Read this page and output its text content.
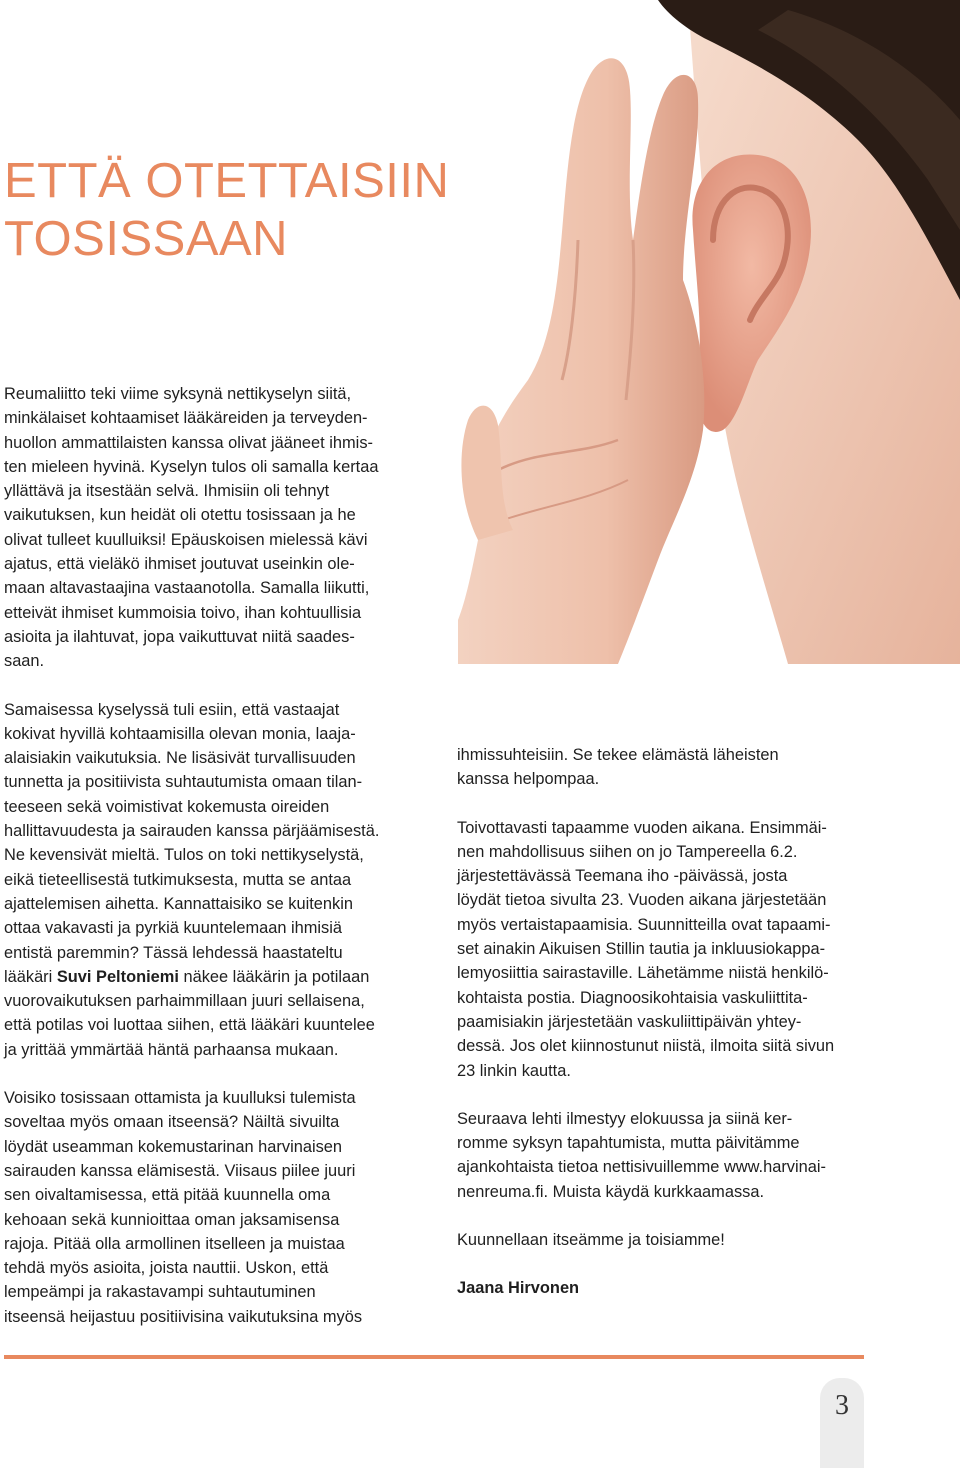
ETTÄ OTETTAISIIN
TOSISSAAN

Reumaliitto teki viime syksynä nettikyselyn siitä,
minkälaiset kohtaamiset lääkäreiden ja terveyden-
huollon ammattilaisten kanssa olivat jääneet ihmis-
ten mieleen hyvinä. Kyselyn tulos oli samalla kertaa
yllättävä ja itsestään selvä. Ihmisiin oli tehnyt
vaikutuksen, kun heidät oli otettu tosissaan ja he
olivat tulleet kuulluiksi! Epäuskoisen mielessä kävi
ajatus, että vieläkö ihmiset joutuvat useinkin ole-
maan altavastaajina vastaanotolla. Samalla liikutti,
etteivät ihmiset kummoisia toivo, ihan kohtuullisia
asioita ja ilahtuvat, jopa vaikuttuvat niitä saades-
saan.

Samaisessa kyselyssä tuli esiin, että vastaajat
kokivat hyvillä kohtaamisilla olevan monia, laaja-
alaisiakin vaikutuksia. Ne lisäsivät turvallisuuden
tunnetta ja positiivista suhtautumista omaan tilan-
teeseen sekä voimistivat kokemusta oireiden
hallittavuudesta ja sairauden kanssa pärjäämisestä.
Ne kevensivät mieltä. Tulos on toki nettikyselystä,
eikä tieteellisestä tutkimuksesta, mutta se antaa
ajattelemisen aihetta. Kannattaisiko se kuitenkin
ottaa vakavasti ja pyrkiä kuuntelemaan ihmisiä
entistä paremmin? Tässä lehdessä haastateltu
lääkäri Suvi Peltoniemi näkee lääkärin ja potilaan
vuorovaikutuksen parhaimmillaan juuri sellaisena,
että potilas voi luottaa siihen, että lääkäri kuuntelee
ja yrittää ymmärtää häntä parhaansa mukaan.

Voisiko tosissaan ottamista ja kuulluksi tulemista
soveltaa myös omaan itseensä? Näiltä sivuilta
löydät useamman kokemustarinan harvinaisen
sairauden kanssa elämisestä. Viisaus piilee juuri
sen oivaltamisessa, että pitää kuunnella oma
kehoaan sekä kunnioittaa oman jaksamisensa
rajoja. Pitää olla armollinen itselleen ja muistaa
tehdä myös asioita, joista nauttii. Uskon, että
lempeämpi ja rakastavampi suhtautuminen
itseensä heijastuu positiivisina vaikutuksina myös

ihmissuhteisiin. Se tekee elämästä läheisten
kanssa helpompaa.

Toivottavasti tapaamme vuoden aikana. Ensimmäi-
nen mahdollisuus siihen on jo Tampereella 6.2.
järjestettävässä Teemana iho -päivässä, josta
löydät tietoa sivulta 23. Vuoden aikana järjestetään
myös vertaistapaamisia. Suunnitteilla ovat tapaami-
set ainakin Aikuisen Stillin tautia ja inkluusiokappa-
lemyosiittia sairastaville. Lähetämme niistä henkilö-
kohtaista postia. Diagnoosikohtaisia vaskuliittita-
paamisiakin järjestetään vaskuliittipäivän yhtey-
dessä. Jos olet kiinnostunut niistä, ilmoita siitä sivun
23 linkin kautta.

Seuraava lehti ilmestyy elokuussa ja siinä ker-
romme syksyn tapahtumista, mutta päivitämme
ajankohtaista tietoa nettisivuillemme www.harvinai-
nenreuma.fi. Muista käydä kurkkaamassa.

Kuunnellaan itseämme ja toisiamme!

Jaana Hirvonen

3
